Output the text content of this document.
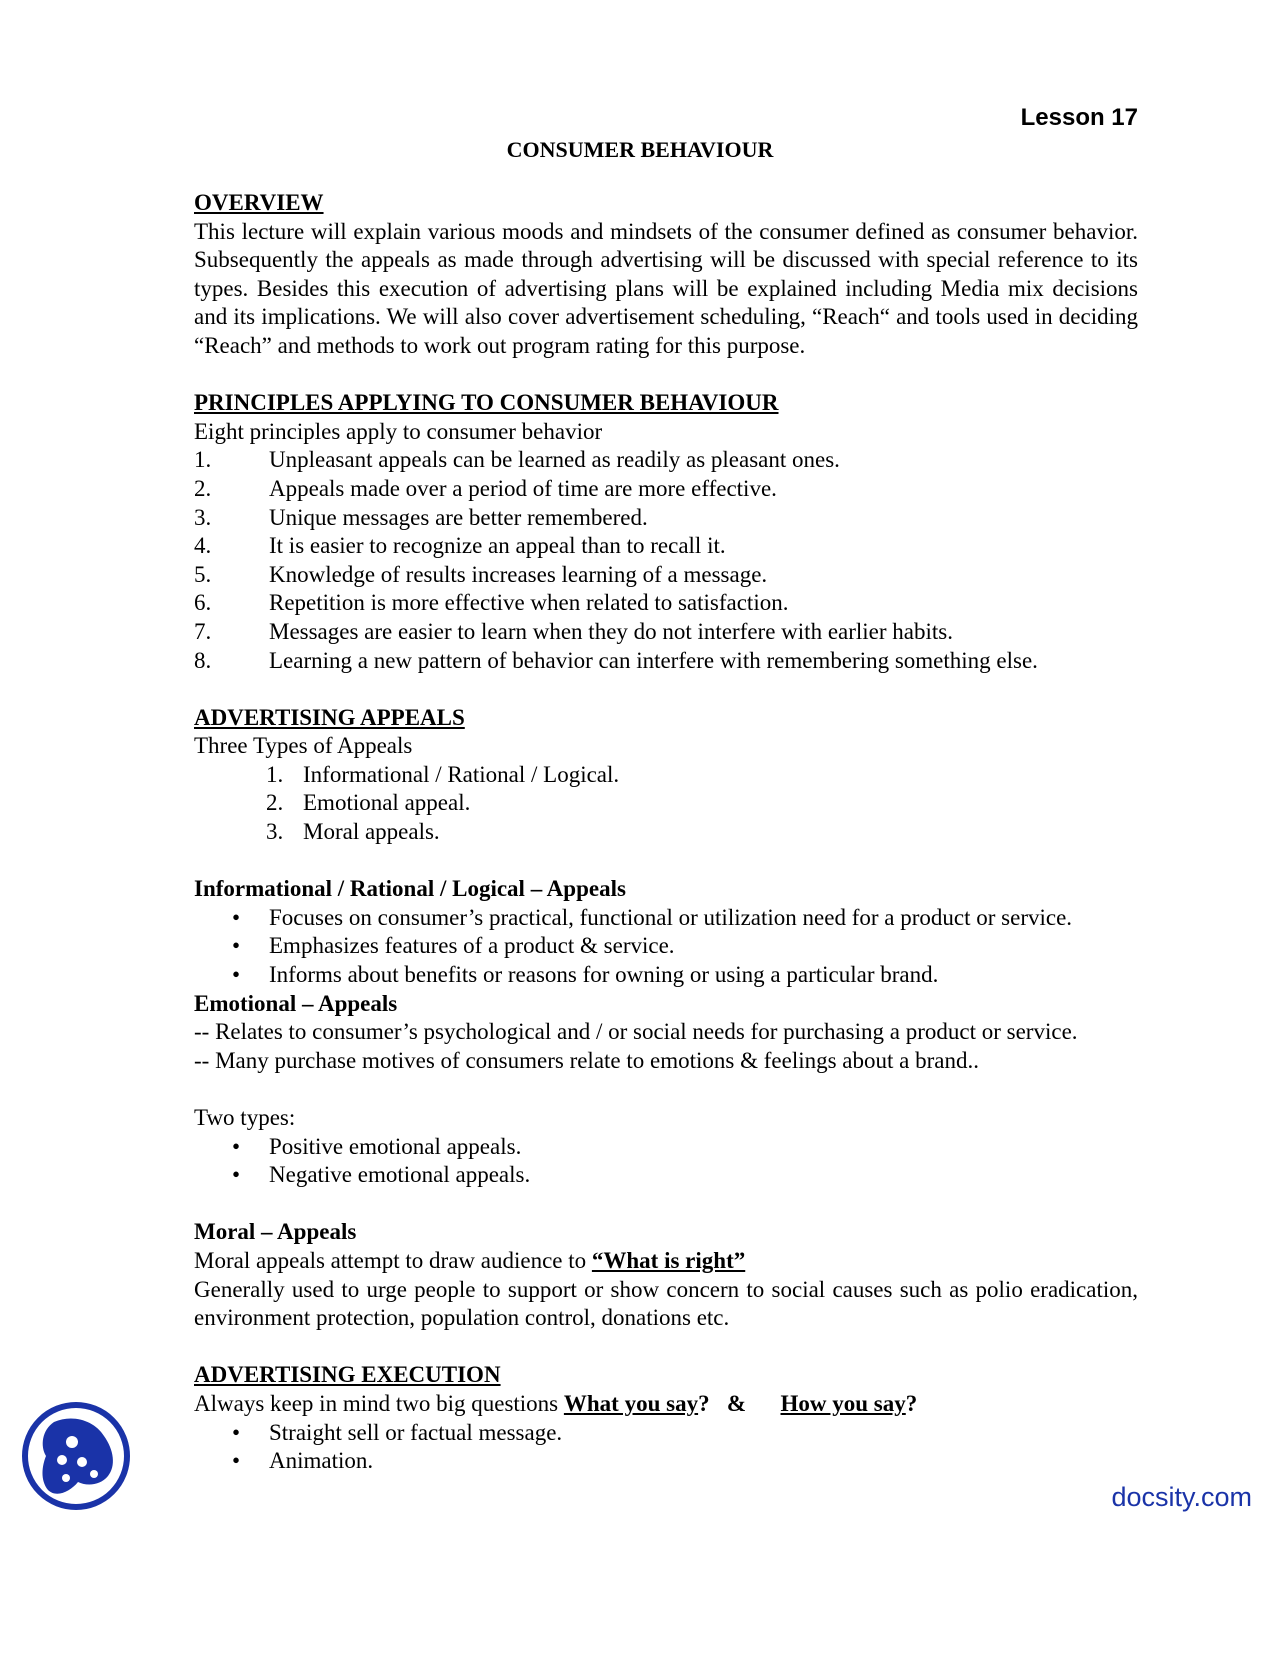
Lesson 17
CONSUMER BEHAVIOUR

OVERVIEW

This lecture will explain various moods and mindsets of the consumer defined as consumer behavior. Subsequently the appeals as made through advertising will be discussed with special reference to its types. Besides this execution of advertising plans will be explained including Media mix decisions and its implications. We will also cover advertisement scheduling, “Reach“ and tools used in deciding “Reach” and methods to work out program rating for this purpose.

PRINCIPLES APPLYING TO CONSUMER BEHAVIOUR

Eight principles apply to consumer behavior

1.	Unpleasant appeals can be learned as readily as pleasant ones.
2.	Appeals made over a period of time are more effective.
3.	Unique messages are better remembered.
4.	It is easier to recognize an appeal than to recall it.
5.	Knowledge of results increases learning of a message.
6.	Repetition is more effective when related to satisfaction.
7.	Messages are easier to learn when they do not interfere with earlier habits.
8.	Learning a new pattern of behavior can interfere with remembering something else.

ADVERTISING APPEALS

Three Types of Appeals

1. Informational / Rational / Logical.
2. Emotional appeal.
3. Moral appeals.

Informational / Rational / Logical – Appeals

•	Focuses on consumer’s practical, functional or utilization need for a product or service.
•	Emphasizes features of a product & service.
•	Informs about benefits or reasons for owning or using a particular brand.

Emotional – Appeals

-- Relates to consumer’s psychological and / or social needs for purchasing a product or service.

-- Many purchase motives of consumers relate to emotions & feelings about a brand..

Two types:

•	Positive emotional appeals.
•	Negative emotional appeals.

Moral – Appeals

Moral appeals attempt to draw audience to “What is right”

Generally used to urge people to support or show concern to social causes such as polio eradication, environment protection, population control, donations etc.

ADVERTISING EXECUTION

Always keep in mind two big questions What you say?   &      How you say?

•	Straight sell or factual message.
•	Animation.
docsity.com
